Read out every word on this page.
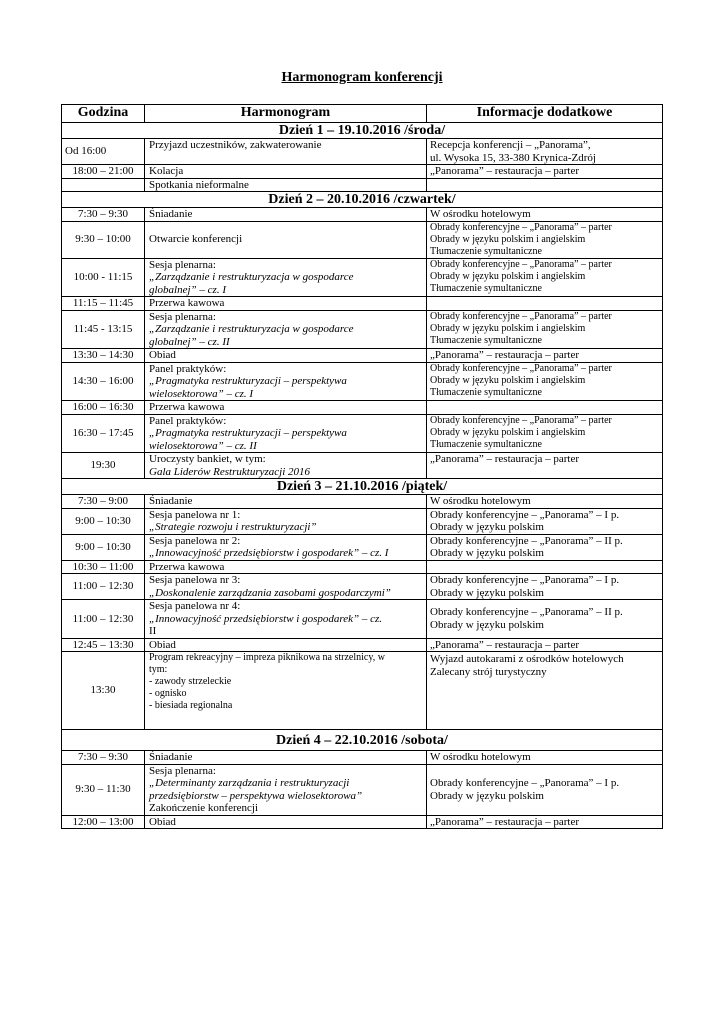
Harmonogram konferencji
Godzina	Harmonogram	Informacje dodatkowe
Dzień 1 – 19.10.2016 /środa/		
Od 16:00	Przyjazd uczestników, zakwaterowanie	Recepcja konferencji – „Panorama”,
ul. Wysoka 15, 33-380 Krynica-Zdrój

18:00 – 21:00	Kolacja	„Panorama” – restauracja – parter
	Spotkania nieformalne	
Dzień 2 – 20.10.2016 /czwartek/		
7:30 – 9:30	Śniadanie	W ośrodku hotelowym
9:30 – 10:00	Otwarcie konferencji	Obrady konferencyjne – „Panorama” – parter
Obrady w języku polskim i angielskim
Tłumaczenie symultaniczne

10:00 - 11:15	Sesja plenarna:
„Zarządzanie i restrukturyzacja w gospodarce
globalnej” – cz. I	Obrady konferencyjne – „Panorama” – parter
Obrady w języku polskim i angielskim
Tłumaczenie symultaniczne

11:15 – 11:45	Przerwa kawowa	
11:45 - 13:15	Sesja plenarna:
„Zarządzanie i restrukturyzacja w gospodarce
globalnej” – cz. II	Obrady konferencyjne – „Panorama” – parter
Obrady w języku polskim i angielskim
Tłumaczenie symultaniczne

13:30 – 14:30	Obiad	„Panorama” – restauracja – parter
14:30 – 16:00	Panel praktyków:
„Pragmatyka restrukturyzacji – perspektywa
wielosektorowa” – cz. I	Obrady konferencyjne – „Panorama” – parter
Obrady w języku polskim i angielskim
Tłumaczenie symultaniczne

16:00 – 16:30	Przerwa kawowa	
16:30 – 17:45	Panel praktyków:
„Pragmatyka restrukturyzacji – perspektywa
wielosektorowa” – cz. II	Obrady konferencyjne – „Panorama” – parter
Obrady w języku polskim i angielskim
Tłumaczenie symultaniczne

19:30	Uroczysty bankiet, w tym:
Gala Liderów Restrukturyzacji 2016	„Panorama” – restauracja – parter

Dzień 3 – 21.10.2016 /piątek/		
7:30 – 9:00	Śniadanie	W ośrodku hotelowym
9:00 – 10:30	Sesja panelowa nr 1:
„Strategie rozwoju i restrukturyzacji”	Obrady konferencyjne – „Panorama” – I p.
Obrady w języku polskim

9:00 – 10:30	Sesja panelowa nr 2:
„Innowacyjność przedsiębiorstw i gospodarek” – cz. I	Obrady konferencyjne – „Panorama” – II p.
Obrady w języku polskim

10:30 – 11:00	Przerwa kawowa	
11:00 – 12:30	Sesja panelowa nr 3:
„Doskonalenie zarządzania zasobami gospodarczymi”	Obrady konferencyjne – „Panorama” – I p.
Obrady w języku polskim

11:00 – 12:30	Sesja panelowa nr 4:
„Innowacyjność przedsiębiorstw i gospodarek” – cz.
II	Obrady konferencyjne – „Panorama” – II p.
Obrady w języku polskim

12:45 – 13:30	Obiad	„Panorama” – restauracja – parter
13:30	Program rekreacyjny – impreza piknikowa na strzelnicy, w
tym:
- zawody strzeleckie
- ognisko
- biesiada regionalna	Wyjazd autokarami z ośrodków hotelowych
Zalecany strój turystyczny

Dzień 4 – 22.10.2016 /sobota/		
7:30 – 9:30	Śniadanie	W ośrodku hotelowym
9:30 – 11:30	Sesja plenarna:
„Determinanty zarządzania i restrukturyzacji
przedsiębiorstw – perspektywa wielosektorowa”
Zakończenie konferencji	Obrady konferencyjne – „Panorama” – I p.
Obrady w języku polskim

12:00 – 13:00	Obiad	„Panorama” – restauracja – parter
